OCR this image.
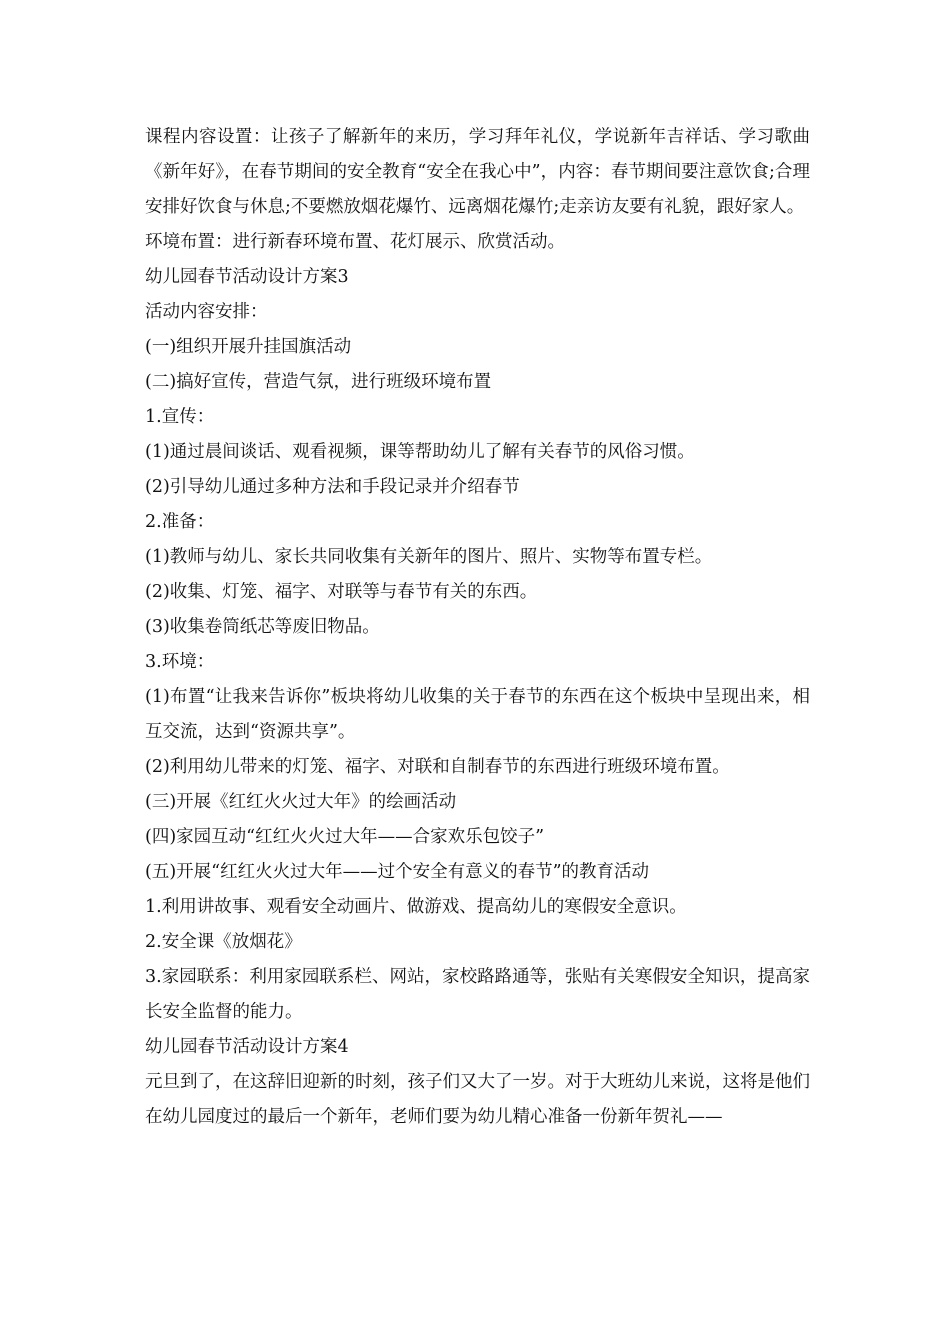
课程内容设置：让孩子了解新年的来历，学习拜年礼仪，学说新年吉祥话、学习歌曲《新年好》，在春节期间的安全教育“安全在我心中”，内容：春节期间要注意饮食;合理安排好饮食与休息;不要燃放烟花爆竹、远离烟花爆竹;走亲访友要有礼貌，跟好家人。

环境布置：进行新春环境布置、花灯展示、欣赏活动。

幼儿园春节活动设计方案3

活动内容安排：

(一)组织开展升挂国旗活动

(二)搞好宣传，营造气氛，进行班级环境布置

1.宣传：

(1)通过晨间谈话、观看视频，课等帮助幼儿了解有关春节的风俗习惯。

(2)引导幼儿通过多种方法和手段记录并介绍春节

2.准备：

(1)教师与幼儿、家长共同收集有关新年的图片、照片、实物等布置专栏。

(2)收集、灯笼、福字、对联等与春节有关的东西。

(3)收集卷筒纸芯等废旧物品。

3.环境：

(1)布置“让我来告诉你”板块将幼儿收集的关于春节的东西在这个板块中呈现出来，相互交流，达到“资源共享”。

(2)利用幼儿带来的灯笼、福字、对联和自制春节的东西进行班级环境布置。

(三)开展《红红火火过大年》的绘画活动

(四)家园互动“红红火火过大年——合家欢乐包饺子”

(五)开展“红红火火过大年——过个安全有意义的春节”的教育活动

1.利用讲故事、观看安全动画片、做游戏、提高幼儿的寒假安全意识。

2.安全课《放烟花》

3.家园联系：利用家园联系栏、网站，家校路路通等，张贴有关寒假安全知识，提高家长安全监督的能力。

幼儿园春节活动设计方案4

元旦到了，在这辞旧迎新的时刻，孩子们又大了一岁。对于大班幼儿来说，这将是他们在幼儿园度过的最后一个新年，老师们要为幼儿精心准备一份新年贺礼——
